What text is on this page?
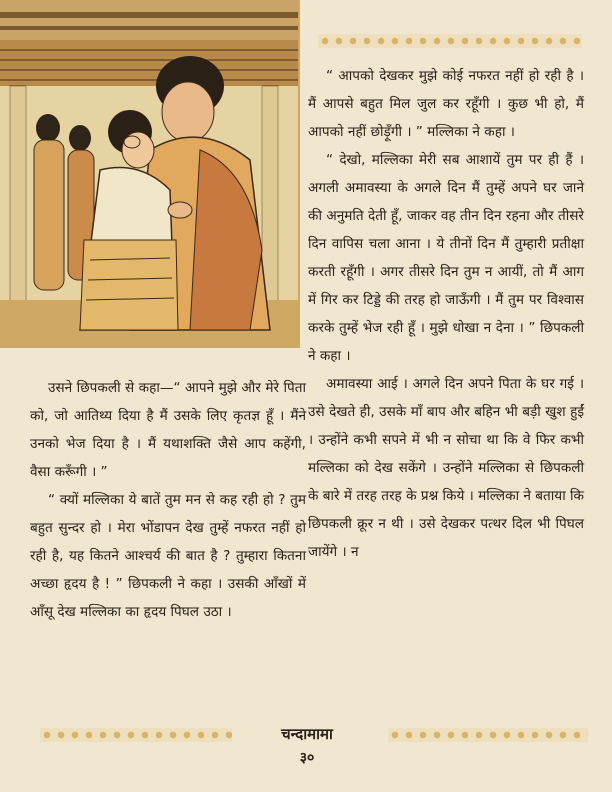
“ आपको देखकर मुझे कोई नफरत नहीं हो रही है । मैं आपसे बहुत मिल जुल कर रहूँगी । कुछ भी हो, मैं आपको नहीं छोड़ूँगी । ” मल्लिका ने कहा ।

“ देखो, मल्लिका मेरी सब आशायें तुम पर ही हैं । अगली अमावस्या के अगले दिन मैं तुम्हें अपने घर जाने की अनुमति देती हूँ, जाकर वह तीन दिन रहना और तीसरे दिन वापिस चला आना । ये तीनों दिन मैं तुम्हारी प्रतीक्षा करती रहूँगी । अगर तीसरे दिन तुम न आयीं, तो मैं आग में गिर कर टिड्डे की तरह हो जाऊँगी । मैं तुम पर विश्वास करके तुम्हें भेज रही हूँ । मुझे धोखा न देना । ” छिपकली ने कहा ।

अमावस्या आई । अगले दिन अपने पिता के घर गई । उसे देखते ही, उसके माँ बाप और बहिन भी बड़ी खुश हुईं । उन्होंने कभी सपने में भी न सोचा था कि वे फिर कभी मल्लिका को देख सकेंगे । उन्होंने मल्लिका से छिपकली के बारे में तरह तरह के प्रश्न किये । मल्लिका ने बताया कि छिपकली क्रूर न थी । उसे देखकर पत्थर दिल भी पिघल जायेंगे । न

उसने छिपकली से कहा—“ आपने मुझे और मेरे पिता को, जो आतिथ्य दिया है मैं उसके लिए कृतज्ञ हूँ । मैंने उनको भेज दिया है । मैं यथाशक्ति जैसे आप कहेंगी, वैसा करूँगी । ”

“ क्यों मल्लिका ये बातें तुम मन से कह रही हो ? तुम बहुत सुन्दर हो । मेरा भोंडापन देख तुम्हें नफरत नहीं हो रही है, यह कितने आश्चर्य की बात है ? तुम्हारा कितना अच्छा हृदय है ! ” छिपकली ने कहा । उसकी आँखों में आँसू देख मल्लिका का हृदय पिघल उठा ।

चन्दामामा
३०
